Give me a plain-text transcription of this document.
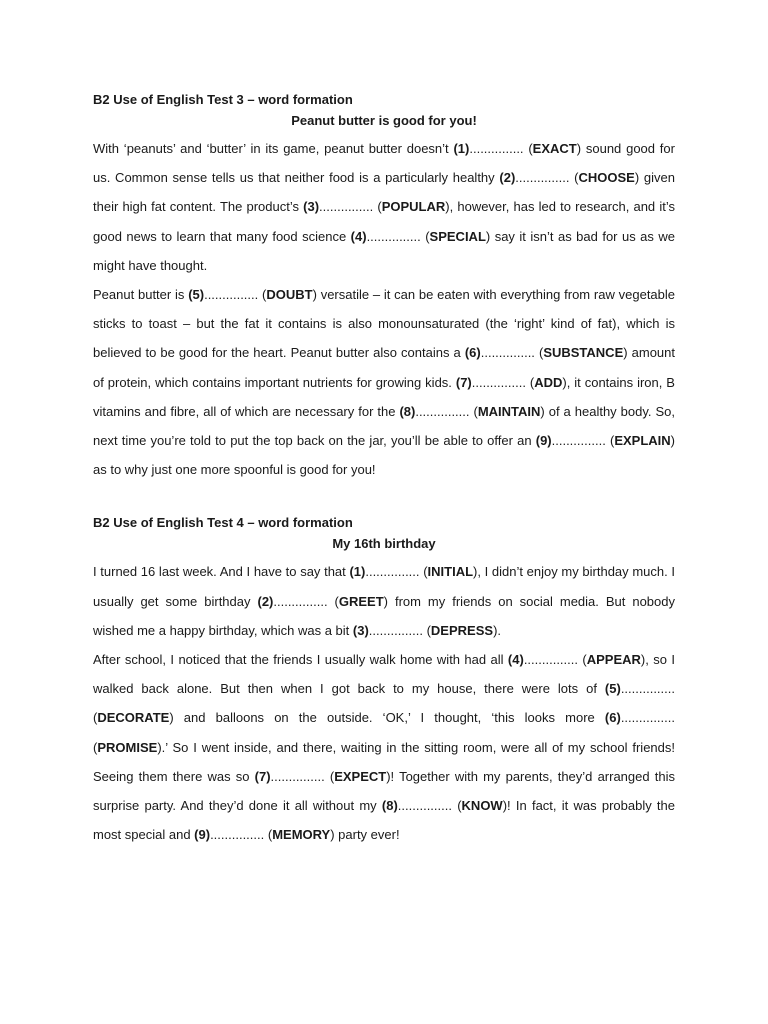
B2 Use of English Test 3 – word formation
Peanut butter is good for you!

With ‘peanuts’ and ‘butter’ in its game, peanut butter doesn’t (1)............... (EXACT) sound good for us. Common sense tells us that neither food is a particularly healthy (2)............... (CHOOSE) given their high fat content. The product’s (3)............... (POPULAR), however, has led to research, and it’s good news to learn that many food science (4)............... (SPECIAL) say it isn’t as bad for us as we might have thought.

Peanut butter is (5)............... (DOUBT) versatile – it can be eaten with everything from raw vegetable sticks to toast – but the fat it contains is also monounsaturated (the ‘right’ kind of fat), which is believed to be good for the heart. Peanut butter also contains a (6)............... (SUBSTANCE) amount of protein, which contains important nutrients for growing kids. (7)............... (ADD), it contains iron, B vitamins and fibre, all of which are necessary for the (8)............... (MAINTAIN) of a healthy body. So, next time you’re told to put the top back on the jar, you’ll be able to offer an (9)............... (EXPLAIN) as to why just one more spoonful is good for you!

B2 Use of English Test 4 – word formation
My 16th birthday

I turned 16 last week. And I have to say that (1)............... (INITIAL), I didn’t enjoy my birthday much. I usually get some birthday (2)............... (GREET) from my friends on social media. But nobody wished me a happy birthday, which was a bit (3)............... (DEPRESS).

After school, I noticed that the friends I usually walk home with had all (4)............... (APPEAR), so I walked back alone. But then when I got back to my house, there were lots of (5)............... (DECORATE) and balloons on the outside. ‘OK,’ I thought, ‘this looks more (6)............... (PROMISE).’ So I went inside, and there, waiting in the sitting room, were all of my school friends! Seeing them there was so (7)............... (EXPECT)! Together with my parents, they’d arranged this surprise party. And they’d done it all without my (8)............... (KNOW)! In fact, it was probably the most special and (9)............... (MEMORY) party ever!
